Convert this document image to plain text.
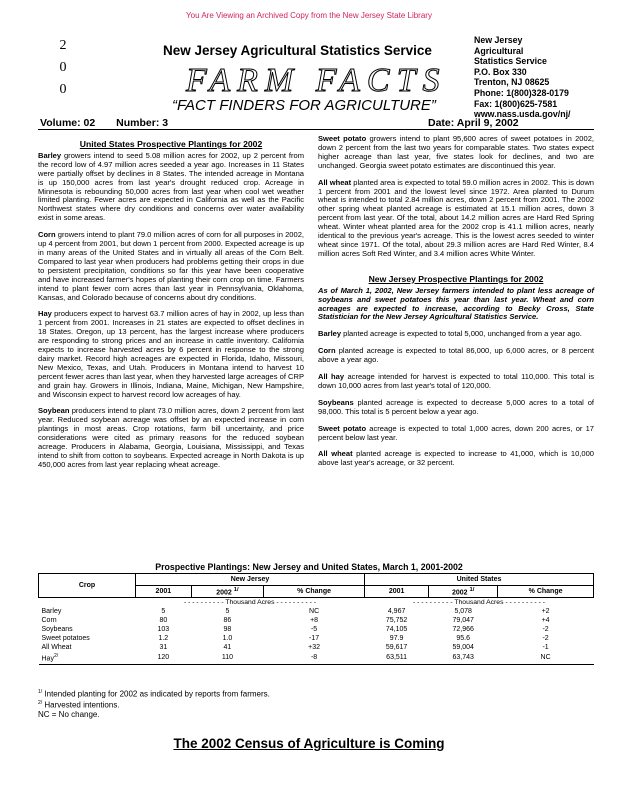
You Are Viewing an Archived Copy from the New Jersey State Library
2
0
0
New Jersey Agricultural Statistics Service
FARM FACTS
“FACT FINDERS FOR AGRICULTURE”
New Jersey
Agricultural
Statistics Service
P.O. Box 330
Trenton, NJ 08625
Phone: 1(800)328-0179
Fax: 1(800)625-7581
www.nass.usda.gov/nj/
Volume: 02 Number: 3	Date: April 9, 2002
United States Prospective Plantings for 2002

Barley growers intend to seed 5.08 million acres for 2002, up 2 percent from the record low of 4.97 million acres seeded a year ago. Increases in 11 States were partially offset by declines in 8 States. The intended acreage in Montana is up 150,000 acres from last year's drought reduced crop. Acreage in Minnesota is rebounding 50,000 acres from last year when cool wet weather limited planting. Fewer acres are expected in California as well as the Pacific Northwest states where dry conditions and concerns over water availability exist in some areas.

Corn growers intend to plant 79.0 million acres of corn for all purposes in 2002, up 4 percent from 2001, but down 1 percent from 2000. Expected acreage is up in many areas of the United States and in virtually all areas of the Corn Belt. Compared to last year when producers had problems getting their crops in due to persistent precipitation, conditions so far this year have been cooperative and have increased farmer's hopes of planting their corn crop on time. Farmers intend to plant fewer corn acres than last year in Pennsylvania, Oklahoma, Kansas, and Colorado because of concerns about dry conditions.

Hay producers expect to harvest 63.7 million acres of hay in 2002, up less than 1 percent from 2001. Increases in 21 states are expected to offset declines in 18 States. Oregon, up 13 percent, has the largest increase where producers are responding to strong prices and an increase in cattle inventory. California expects to increase harvested acres by 6 percent in response to the strong dairy market. Record high acreages are expected in Florida, Idaho, Missouri, New Mexico, Texas, and Utah. Producers in Montana intend to harvest 10 percent fewer acres than last year, when they harvested large acreages of CRP and grain hay. Growers in Illinois, Indiana, Maine, Michigan, New Hampshire, and Wisconsin expect to harvest record low acreages of hay.

Soybean producers intend to plant 73.0 million acres, down 2 percent from last year. Reduced soybean acreage was offset by an expected increase in corn plantings in most areas. Crop rotations, farm bill uncertainty, and price considerations were cited as primary reasons for the reduced soybean acreage. Producers in Alabama, Georgia, Louisiana, Mississippi, and Texas intend to shift from cotton to soybeans. Expected acreage in North Dakota is up 450,000 acres from last year replacing wheat acreage.

Sweet potato growers intend to plant 95,600 acres of sweet potatoes in 2002, down 2 percent from the last two years for comparable states. Two states expect higher acreage than last year, five states look for declines, and two are unchanged. Georgia sweet potato estimates are discontinued this year.

All wheat planted area is expected to total 59.0 million acres in 2002. This is down 1 percent from 2001 and the lowest level since 1972. Area planted to Durum wheat is intended to total 2.84 million acres, down 2 percent from 2001. The 2002 other spring wheat planted acreage is estimated at 15.1 million acres, down 3 percent from last year. Of the total, about 14.2 million acres are Hard Red Spring wheat. Winter wheat planted area for the 2002 crop is 41.1 million acres, nearly identical to the previous year's acreage. This is the lowest acres seeded to winter wheat since 1971. Of the total, about 29.3 million acres are Hard Red Winter, 8.4 million acres Soft Red Winter, and 3.4 million acres White Winter.

New Jersey Prospective Plantings for 2002

As of March 1, 2002, New Jersey farmers intended to plant less acreage of soybeans and sweet potatoes this year than last year. Wheat and corn acreages are expected to increase, according to Becky Cross, State Statistician for the New Jersey Agricultural Statistics Service.

Barley planted acreage is expected to total 5,000, unchanged from a year ago.

Corn planted acreage is expected to total 86,000, up 6,000 acres, or 8 percent above a year ago.

All hay acreage intended for harvest is expected to total 110,000. This total is down 10,000 acres from last year's total of 120,000.

Soybeans planted acreage is expected to decrease 5,000 acres to a total of 98,000. This total is 5 percent below a year ago.

Sweet potato acreage is expected to total 1,000 acres, down 200 acres, or 17 percent below last year.

All wheat planted acreage is expected to increase to 41,000, which is 10,000 above last year's acreage, or 32 percent.

Prospective Plantings: New Jersey and United States, March 1, 2001-2002
Crop	New Jersey			United States		
	2001	2002 $^{1/}$	% Change	2001	2002 $^{1/}$	% Change
	- - - - - - - - - - Thousand Acres - - - - - - - - - -			- - - - - - - - - - Thousand Acres - - - - - - - - - -		
Barley	5	5	NC	4,967	5,078	+2
Corn	80	86	+8	75,752	79,047	+4
Soybeans	103	98	-5	74,105	72,966	-2
Sweet potatoes	1.2	1.0	-17	97.9	95.6	-2
All Wheat	31	41	+32	59,617	59,004	-1
Hay$^{2/}$	120	110	-8	63,511	63,743	NC
$^{1/}$ Intended planting for 2002 as indicated by reports from farmers.
$^{2/}$ Harvested intentions.
NC = No change.
The 2002 Census of Agriculture is Coming
